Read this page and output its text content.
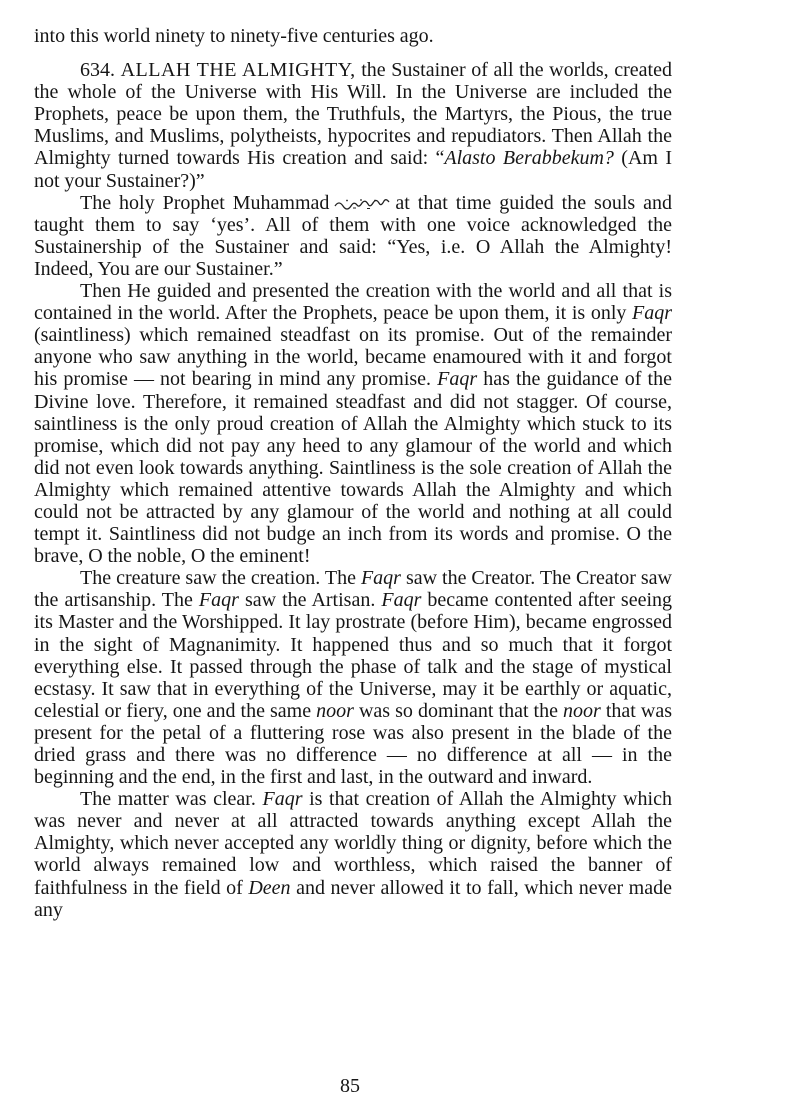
into this world ninety to ninety-five centuries ago.

634. ALLAH THE ALMIGHTY, the Sustainer of all the worlds, created the whole of the Universe with His Will. In the Universe are included the Prophets, peace be upon them, the Truthfuls, the Martyrs, the Pious, the true Muslims, and Muslims, polytheists, hypocrites and repudiators. Then Allah the Almighty turned towards His creation and said: “Alasto Berabbekum? (Am I not your Sustainer?)”

The holy Prophet Muhammad	at that time guided the souls and taught them to say ‘yes’. All of them with one voice acknowledged the Sustainership of the Sustainer and said: “Yes, i.e. O Allah the Almighty! Indeed, You are our Sustainer.”

Then He guided and presented the creation with the world and all that is contained in the world. After the Prophets, peace be upon them, it is only Faqr (saintliness) which remained steadfast on its promise. Out of the remainder anyone who saw anything in the world, became enamoured with it and forgot his promise — not bearing in mind any promise. Faqr has the guidance of the Divine love. Therefore, it remained steadfast and did not stagger. Of course, saintliness is the only proud creation of Allah the Almighty which stuck to its promise, which did not pay any heed to any glamour of the world and which did not even look towards anything. Saintliness is the sole creation of Allah the Almighty which remained attentive towards Allah the Almighty and which could not be attracted by any glamour of the world and nothing at all could tempt it. Saintliness did not budge an inch from its words and promise. O the brave, O the noble, O the eminent!

The creature saw the creation. The Faqr saw the Creator. The Creator saw the artisanship. The Faqr saw the Artisan. Faqr became contented after seeing its Master and the Worshipped. It lay prostrate (before Him), became engrossed in the sight of Magnanimity. It happened thus and so much that it forgot everything else. It passed through the phase of talk and the stage of mystical ecstasy. It saw that in everything of the Universe, may it be earthly or aquatic, celestial or fiery, one and the same noor was so dominant that the noor that was present for the petal of a fluttering rose was also present in the blade of the dried grass and there was no difference — no difference at all — in the beginning and the end, in the first and last, in the outward and inward.

The matter was clear. Faqr is that creation of Allah the Almighty which was never and never at all attracted towards anything except Allah the Almighty, which never accepted any worldly thing or dignity, before which the world always remained low and worthless, which raised the banner of faithfulness in the field of Deen and never allowed it to fall, which never made any

85
